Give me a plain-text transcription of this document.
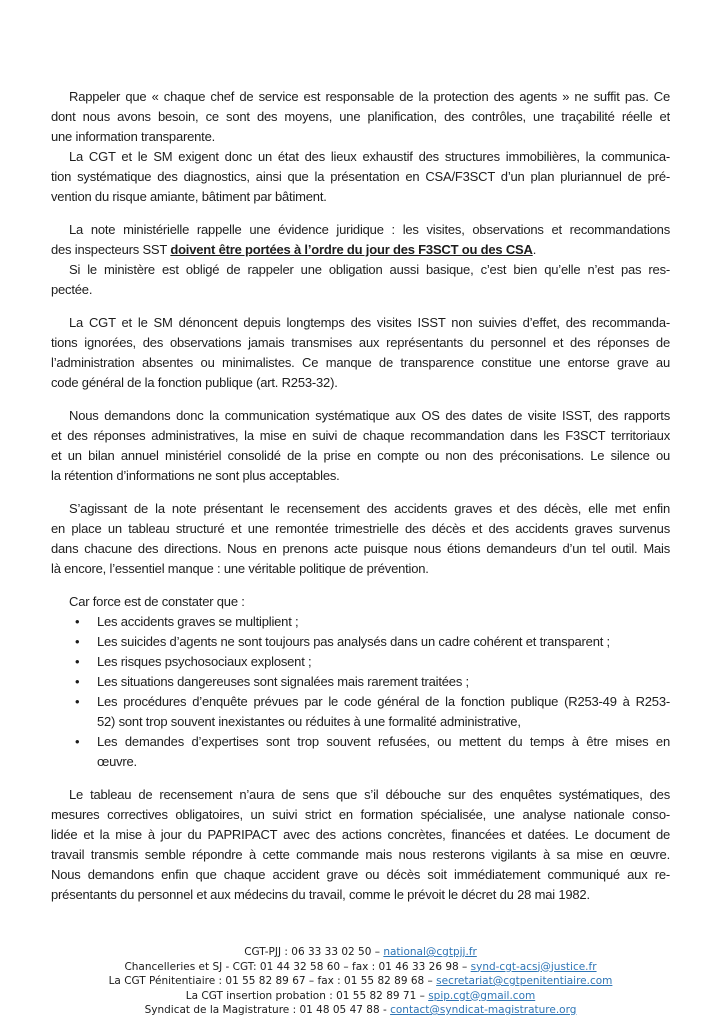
Rappeler que « chaque chef de service est responsable de la protection des agents » ne suffit pas. Ce
dont nous avons besoin, ce sont des moyens, une planification, des contrôles, une traçabilité réelle et
une information transparente.
La CGT et le SM exigent donc un état des lieux exhaustif des structures immobilières, la communica-
tion systématique des diagnostics, ainsi que la présentation en CSA/F3SCT d’un plan pluriannuel de pré-
vention du risque amiante, bâtiment par bâtiment.
La note ministérielle rappelle une évidence juridique : les visites, observations et recommandations
des inspecteurs SST doivent être portées à l’ordre du jour des F3SCT ou des CSA.
Si le ministère est obligé de rappeler une obligation aussi basique, c’est bien qu’elle n’est pas res-
pectée.
La CGT et le SM dénoncent depuis longtemps des visites ISST non suivies d’effet, des recommanda-
tions ignorées, des observations jamais transmises aux représentants du personnel et des réponses de
l’administration absentes ou minimalistes. Ce manque de transparence constitue une entorse grave au
code général de la fonction publique (art. R253-32).
Nous demandons donc la communication systématique aux OS des dates de visite ISST, des rapports
et des réponses administratives, la mise en suivi de chaque recommandation dans les F3SCT territoriaux
et un bilan annuel ministériel consolidé de la prise en compte ou non des préconisations. Le silence ou
la rétention d’informations ne sont plus acceptables.
S’agissant de la note présentant le recensement des accidents graves et des décès, elle met enfin
en place un tableau structuré et une remontée trimestrielle des décès et des accidents graves survenus
dans chacune des directions. Nous en prenons acte puisque nous étions demandeurs d’un tel outil. Mais
là encore, l’essentiel manque : une véritable politique de prévention.
Car force est de constater que :
• Les accidents graves se multiplient ;
• Les suicides d’agents ne sont toujours pas analysés dans un cadre cohérent et transparent ;
• Les risques psychosociaux explosent ;
• Les situations dangereuses sont signalées mais rarement traitées ;
• Les procédures d’enquête prévues par le code général de la fonction publique (R253-49 à R253-
52) sont trop souvent inexistantes ou réduites à une formalité administrative,
• Les demandes d’expertises sont trop souvent refusées, ou mettent du temps à être mises en
œuvre.
Le tableau de recensement n’aura de sens que s’il débouche sur des enquêtes systématiques, des
mesures correctives obligatoires, un suivi strict en formation spécialisée, une analyse nationale conso-
lidée et la mise à jour du PAPRIPACT avec des actions concrètes, financées et datées. Le document de
travail transmis semble répondre à cette commande mais nous resterons vigilants à sa mise en œuvre.
Nous demandons enfin que chaque accident grave ou décès soit immédiatement communiqué aux re-
présentants du personnel et aux médecins du travail, comme le prévoit le décret du 28 mai 1982.
CGT-PJJ : 06 33 33 02 50 – national@cgtpjj.fr
Chancelleries et SJ - CGT: 01 44 32 58 60 – fax : 01 46 33 26 98 – synd-cgt-acsj@justice.fr
La CGT Pénitentiaire : 01 55 82 89 67 – fax : 01 55 82 89 68 – secretariat@cgtpenitentiaire.com
La CGT insertion probation : 01 55 82 89 71 – spip.cgt@gmail.com
Syndicat de la Magistrature : 01 48 05 47 88 - contact@syndicat-magistrature.org
